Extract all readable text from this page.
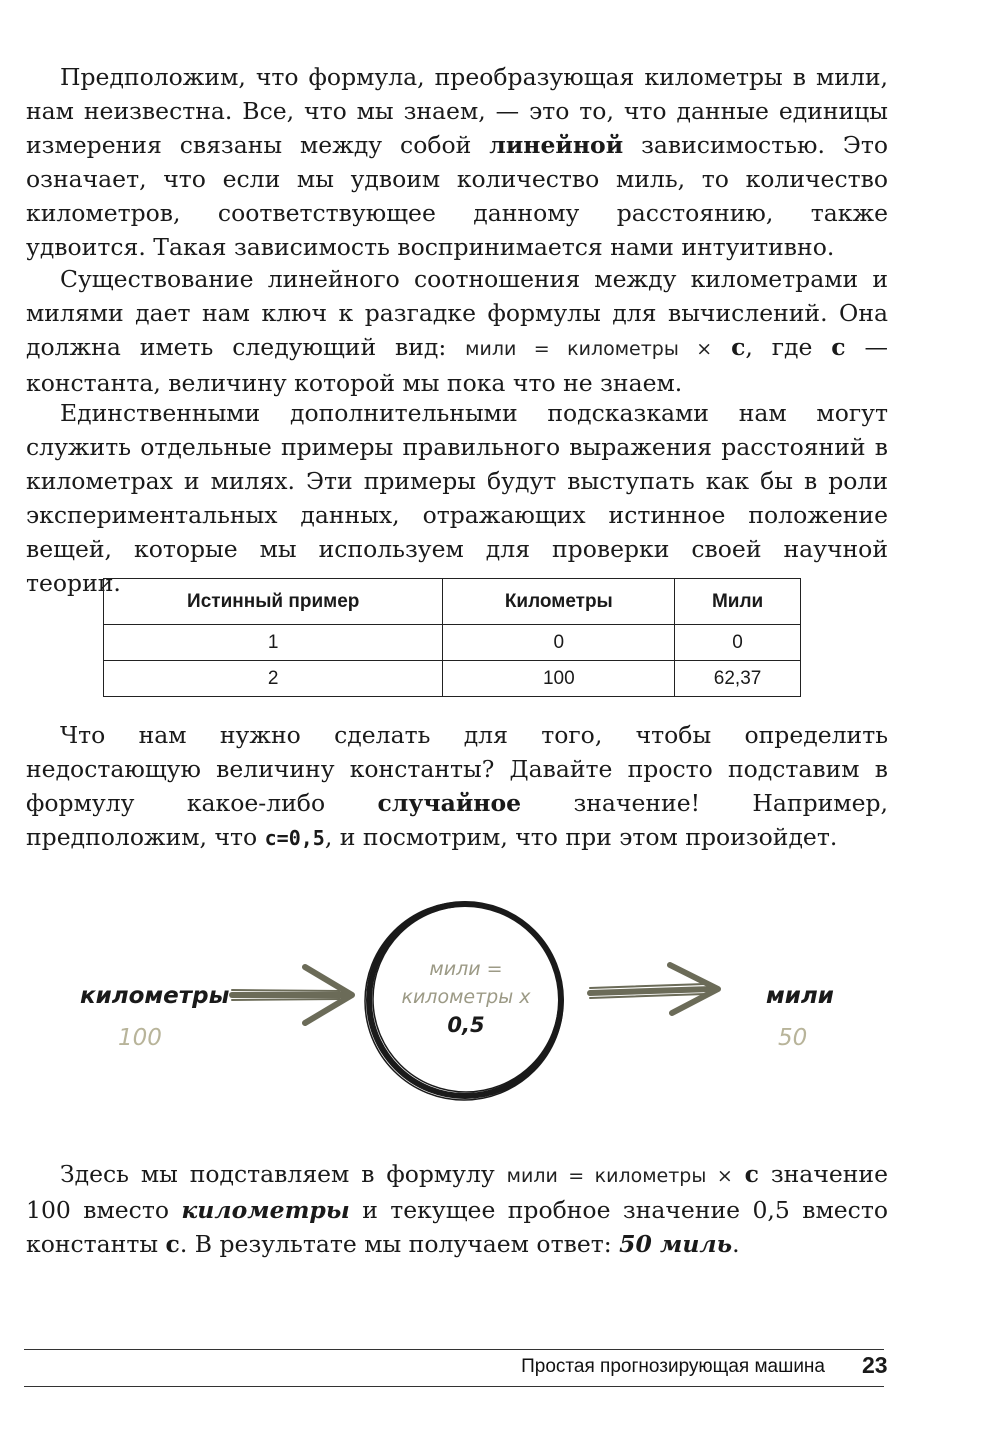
Предположим, что формула, преобразующая километры в мили, нам неизвестна. Все, что мы знаем, — это то, что данные единицы измерения связаны между собой линейной зависимостью. Это означает, что если мы удвоим количество миль, то количество километров, соответствующее данному расстоянию, также удвоится. Такая зависимость воспринимается нами интуитивно.

Существование линейного соотношения между километрами и милями дает нам ключ к разгадке формулы для вычислений. Она должна иметь следующий вид: мили = километры × c, где c — константа, величину которой мы пока что не знаем.

Единственными дополнительными подсказками нам могут служить отдельные примеры правильного выражения расстояний в километрах и милях. Эти примеры будут выступать как бы в роли экспериментальных данных, отражающих истинное положение вещей, которые мы используем для проверки своей научной теории.

Истинный пример	Километры	Мили
1	0	0
2	100	62,37

Что нам нужно сделать для того, чтобы определить недостающую величину константы? Давайте просто подставим в формулу какое-либо случайное значение! Например, предположим, что c=0,5, и посмотрим, что при этом произойдет.

километры
100
мили =
километры х
0,5
мили
50

Здесь мы подставляем в формулу мили = километры × c значение 100 вместо километры и текущее пробное значение 0,5 вместо константы c. В результате мы получаем ответ: 50 миль.

Простая прогнозирующая машина 23
